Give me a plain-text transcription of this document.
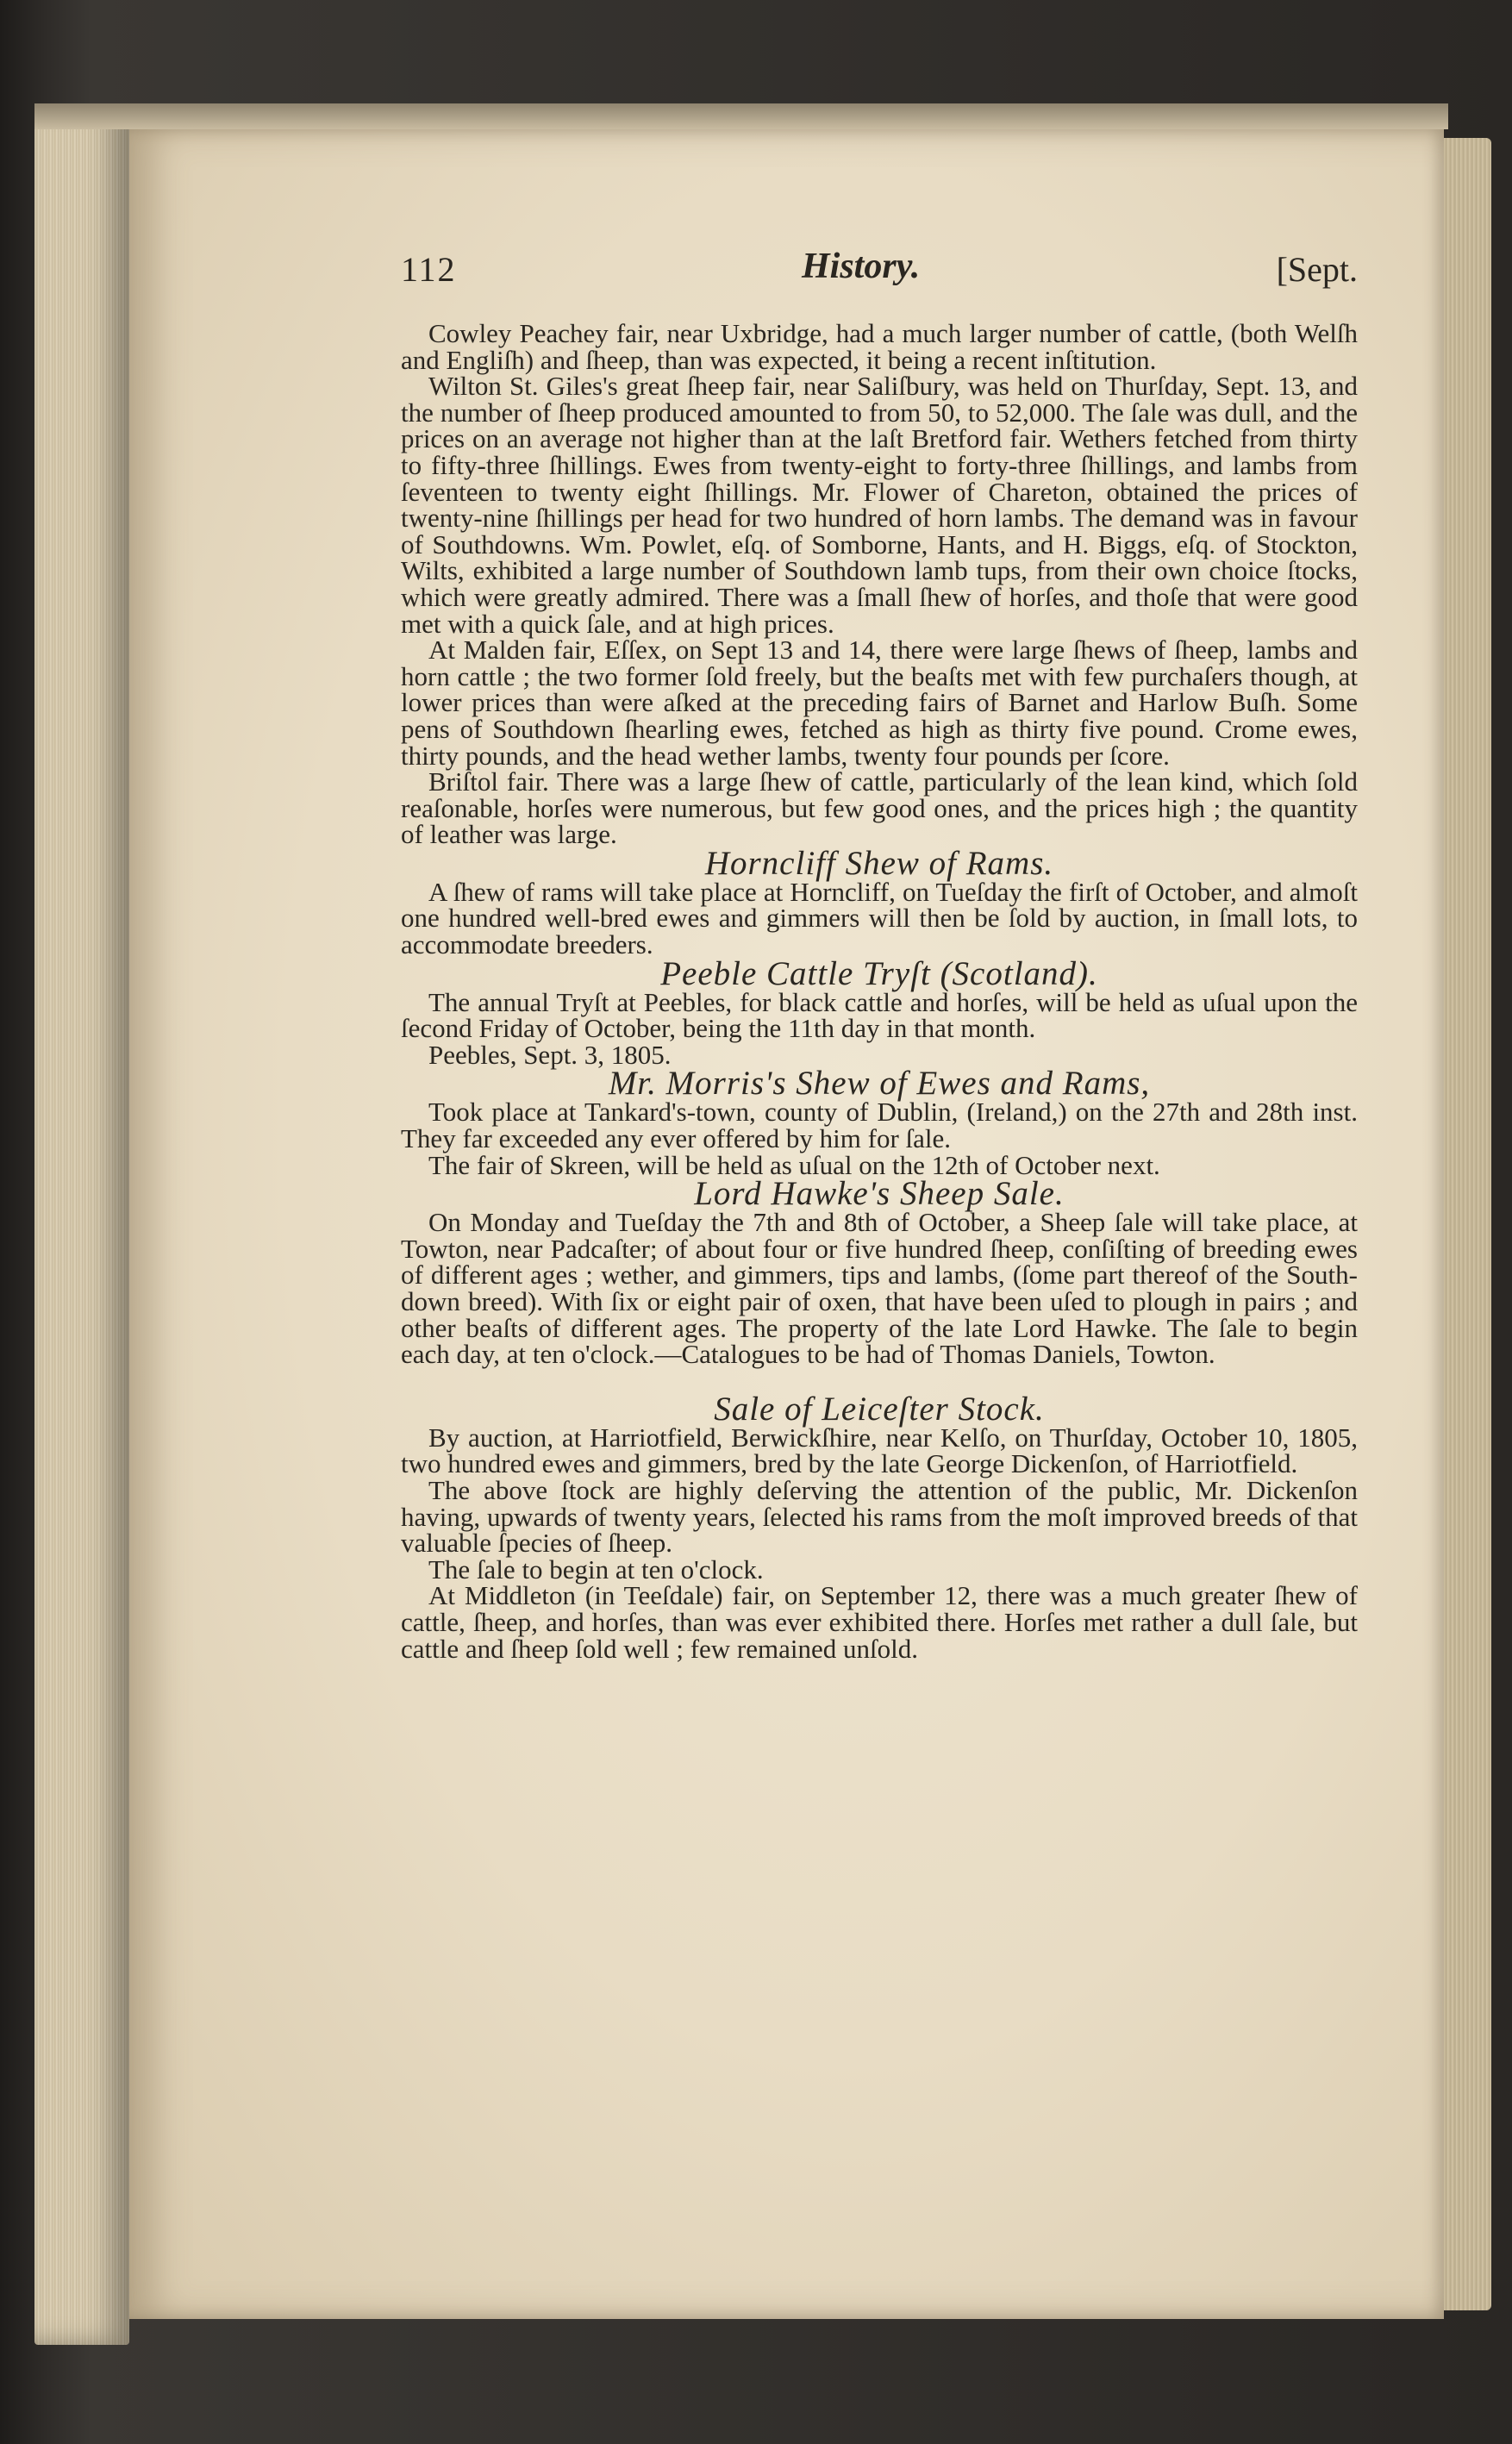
112	History.	[Sept.

Cowley Peachey fair, near Uxbridge, had a much larger number of cattle, (both Welſh and Engliſh) and ſheep, than was expected, it being a recent inſtitution.

Wilton St. Giles's great ſheep fair, near Saliſbury, was held on Thurſday, Sept. 13, and the number of ſheep produced amounted to from 50, to 52,000. The ſale was dull, and the prices on an average not higher than at the laſt Bretford fair. Wethers fetched from thirty to fifty-three ſhillings. Ewes from twenty-eight to forty-three ſhillings, and lambs from ſeventeen to twenty eight ſhillings. Mr. Flower of Chareton, obtained the prices of twenty-nine ſhillings per head for two hundred of horn lambs. The demand was in favour of Southdowns. Wm. Powlet, eſq. of Somborne, Hants, and H. Biggs, eſq. of Stockton, Wilts, exhibited a large number of Southdown lamb tups, from their own choice ſtocks, which were greatly admired. There was a ſmall ſhew of horſes, and thoſe that were good met with a quick ſale, and at high prices.

At Malden fair, Eſſex, on Sept 13 and 14, there were large ſhews of ſheep, lambs and horn cattle ; the two former ſold freely, but the beaſts met with few purchaſers though, at lower prices than were aſked at the preceding fairs of Barnet and Harlow Buſh. Some pens of Southdown ſhearling ewes, fetched as high as thirty five pound. Crome ewes, thirty pounds, and the head wether lambs, twenty four pounds per ſcore.

Briſtol fair. There was a large ſhew of cattle, particularly of the lean kind, which ſold reaſonable, horſes were numerous, but few good ones, and the prices high ; the quantity of leather was large.

Horncliff Shew of Rams.

A ſhew of rams will take place at Horncliff, on Tueſday the firſt of October, and almoſt one hundred well-bred ewes and gimmers will then be ſold by auction, in ſmall lots, to accommodate breeders.

Peeble Cattle Tryſt (Scotland).

The annual Tryſt at Peebles, for black cattle and horſes, will be held as uſual upon the ſecond Friday of October, being the 11th day in that month.

Peebles, Sept. 3, 1805.

Mr. Morris's Shew of Ewes and Rams,

Took place at Tankard's-town, county of Dublin, (Ireland,) on the 27th and 28th inst. They far exceeded any ever offered by him for ſale.

The fair of Skreen, will be held as uſual on the 12th of October next.

Lord Hawke's Sheep Sale.

On Monday and Tueſday the 7th and 8th of October, a Sheep ſale will take place, at Towton, near Padcaſter; of about four or five hundred ſheep, conſiſting of breeding ewes of different ages ; wether, and gimmers, tips and lambs, (ſome part thereof of the South-down breed). With ſix or eight pair of oxen, that have been uſed to plough in pairs ; and other beaſts of different ages. The property of the late Lord Hawke. The ſale to begin each day, at ten o'clock.—Catalogues to be had of Thomas Daniels, Towton.

Sale of Leiceſter Stock.

By auction, at Harriotfield, Berwickſhire, near Kelſo, on Thurſday, October 10, 1805, two hundred ewes and gimmers, bred by the late George Dickenſon, of Harriotfield.

The above ſtock are highly deſerving the attention of the public, Mr. Dickenſon having, upwards of twenty years, ſelected his rams from the moſt improved breeds of that valuable ſpecies of ſheep.

The ſale to begin at ten o'clock.

At Middleton (in Teeſdale) fair, on September 12, there was a much greater ſhew of cattle, ſheep, and horſes, than was ever exhibited there. Horſes met rather a dull ſale, but cattle and ſheep ſold well ; few remained unſold.
